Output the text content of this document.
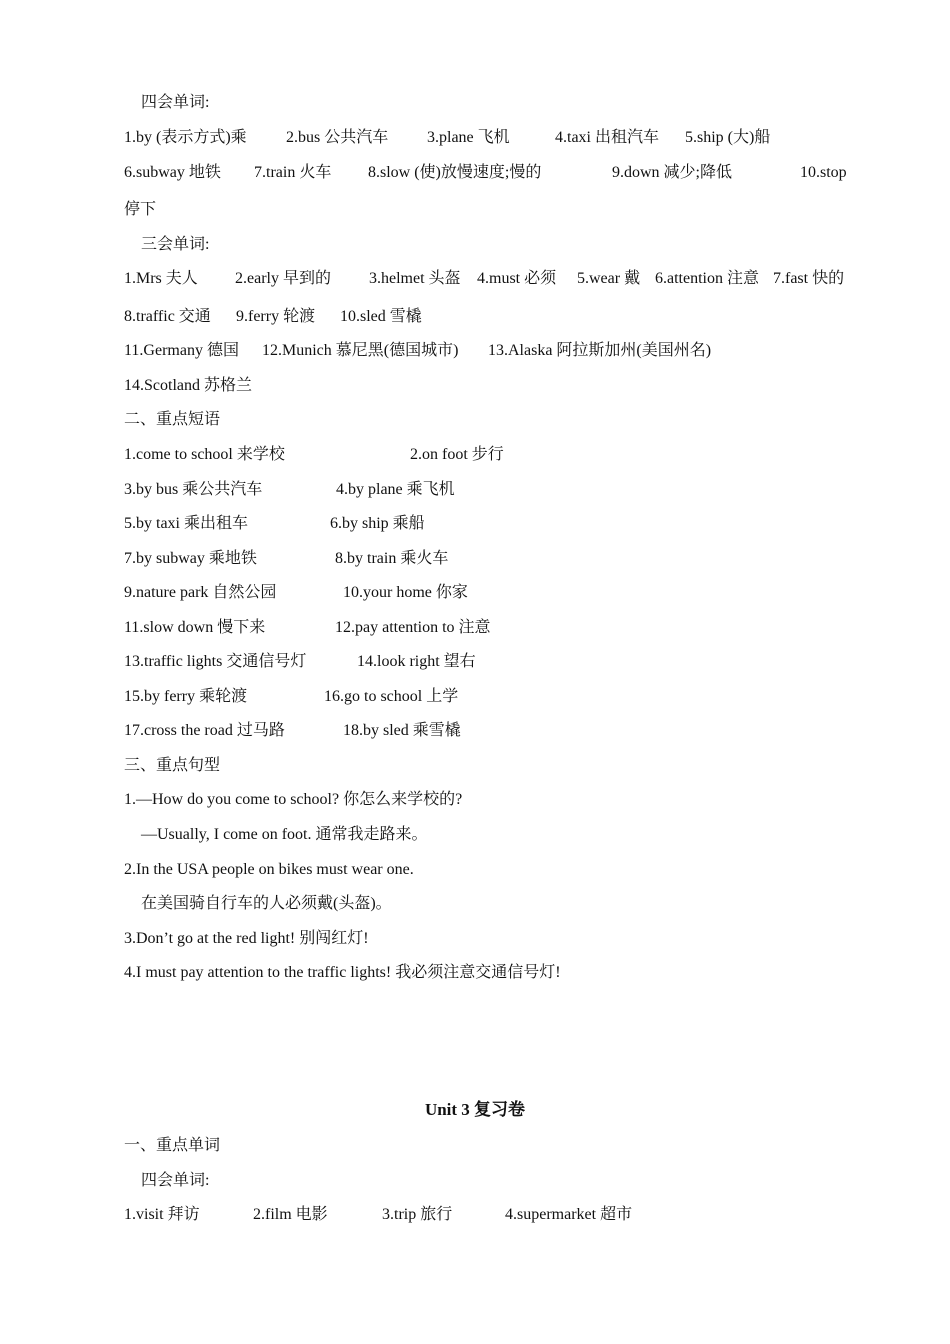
四会单词:
1.by (表示方式)乘 2.bus 公共汽车 3.plane 飞机	4.taxi 出租汽车 5.ship (大)船
6.subway 地铁 7.train 火车 8.slow (使)放慢速度;慢的	9.down 减少;降低	10.stop
停下
三会单词:
1.Mrs 夫人 2.early 早到的 3.helmet 头盔 4.must 必须 5.wear 戴 6.attention 注意 7.fast 快的
8.traffic 交通 9.ferry 轮渡 10.sled 雪橇
11.Germany 德国 12.Munich 慕尼黑(德国城市) 13.Alaska 阿拉斯加州(美国州名)
14.Scotland 苏格兰
二、重点短语
1.come to school 来学校	2.on foot 步行
3.by bus 乘公共汽车	4.by plane 乘飞机
5.by taxi 乘出租车	6.by ship 乘船
7.by subway 乘地铁	8.by train 乘火车
9.nature park 自然公园	10.your home 你家
11.slow down 慢下来	12.pay attention to 注意
13.traffic lights 交通信号灯	14.look right 望右
15.by ferry 乘轮渡	16.go to school 上学
17.cross the road 过马路	18.by sled 乘雪橇
三、重点句型
1.—How do you come to school? 你怎么来学校的?
—Usually, I come on foot. 通常我走路来。
2.In the USA people on bikes must wear one.
在美国骑自行车的人必须戴(头盔)。
3.Don’t go at the red light! 别闯红灯!
4.I must pay attention to the traffic lights! 我必须注意交通信号灯!
Unit 3 复习卷
一、重点单词
四会单词:
1.visit 拜访	2.film 电影	3.trip 旅行	4.supermarket 超市
